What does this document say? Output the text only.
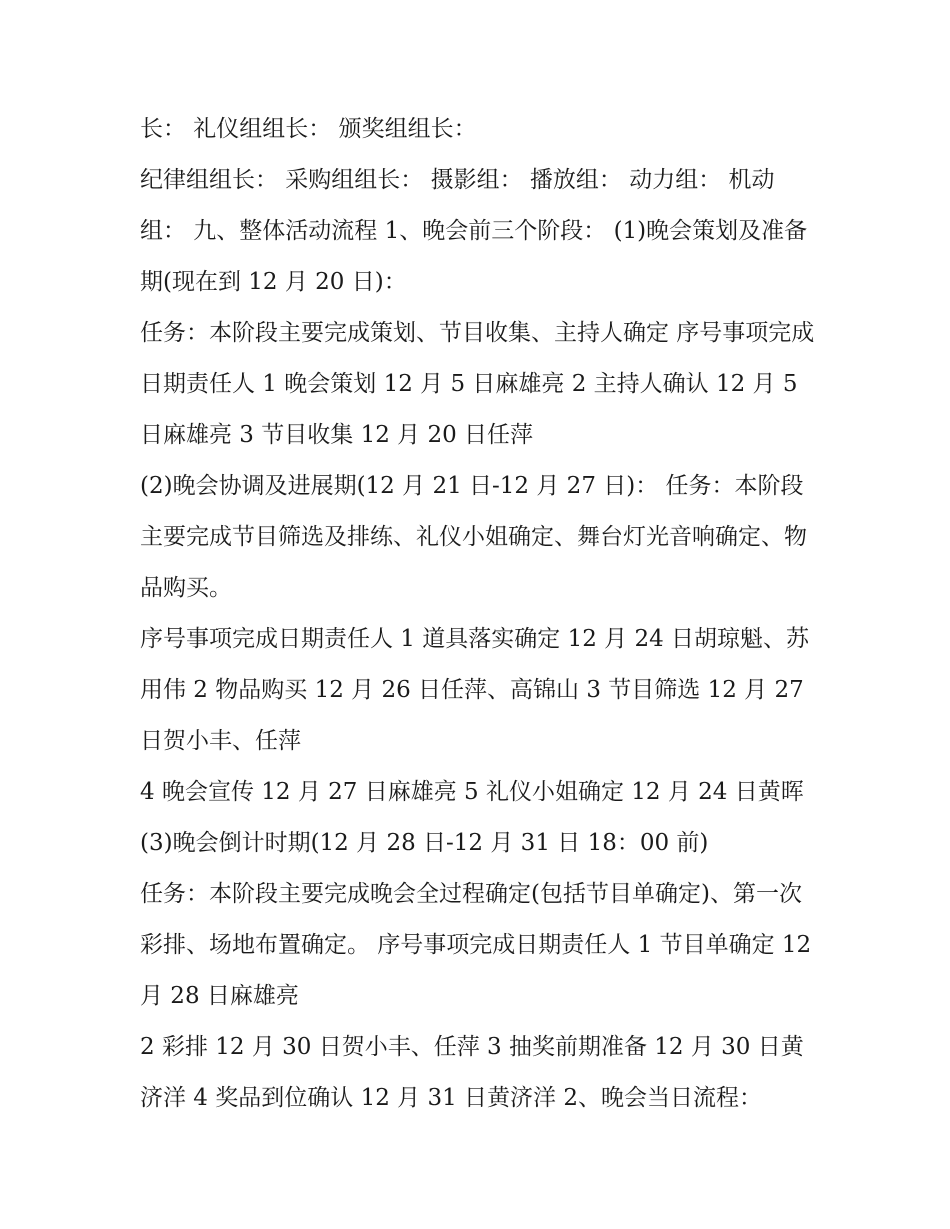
长： 礼仪组组长： 颁奖组组长：

纪律组组长： 采购组组长： 摄影组： 播放组： 动力组： 机动组： 九、整体活动流程 1、晚会前三个阶段： (1)晚会策划及准备期(现在到 12 月 20 日)：

任务：本阶段主要完成策划、节目收集、主持人确定 序号事项完成日期责任人 1 晚会策划 12 月 5 日麻雄亮 2 主持人确认 12 月 5 日麻雄亮 3 节目收集 12 月 20 日任萍

(2)晚会协调及进展期(12 月 21 日-12 月 27 日)： 任务：本阶段主要完成节目筛选及排练、礼仪小姐确定、舞台灯光音响确定、物品购买。

序号事项完成日期责任人 1 道具落实确定 12 月 24 日胡琼魁、苏用伟 2 物品购买 12 月 26 日任萍、高锦山 3 节目筛选 12 月 27 日贺小丰、任萍

4 晚会宣传 12 月 27 日麻雄亮 5 礼仪小姐确定 12 月 24 日黄晖

(3)晚会倒计时期(12 月 28 日-12 月 31 日 18：00 前)

任务：本阶段主要完成晚会全过程确定(包括节目单确定)、第一次彩排、场地布置确定。 序号事项完成日期责任人 1 节目单确定 12 月 28 日麻雄亮

2 彩排 12 月 30 日贺小丰、任萍 3 抽奖前期准备 12 月 30 日黄济洋 4 奖品到位确认 12 月 31 日黄济洋 2、晚会当日流程：
